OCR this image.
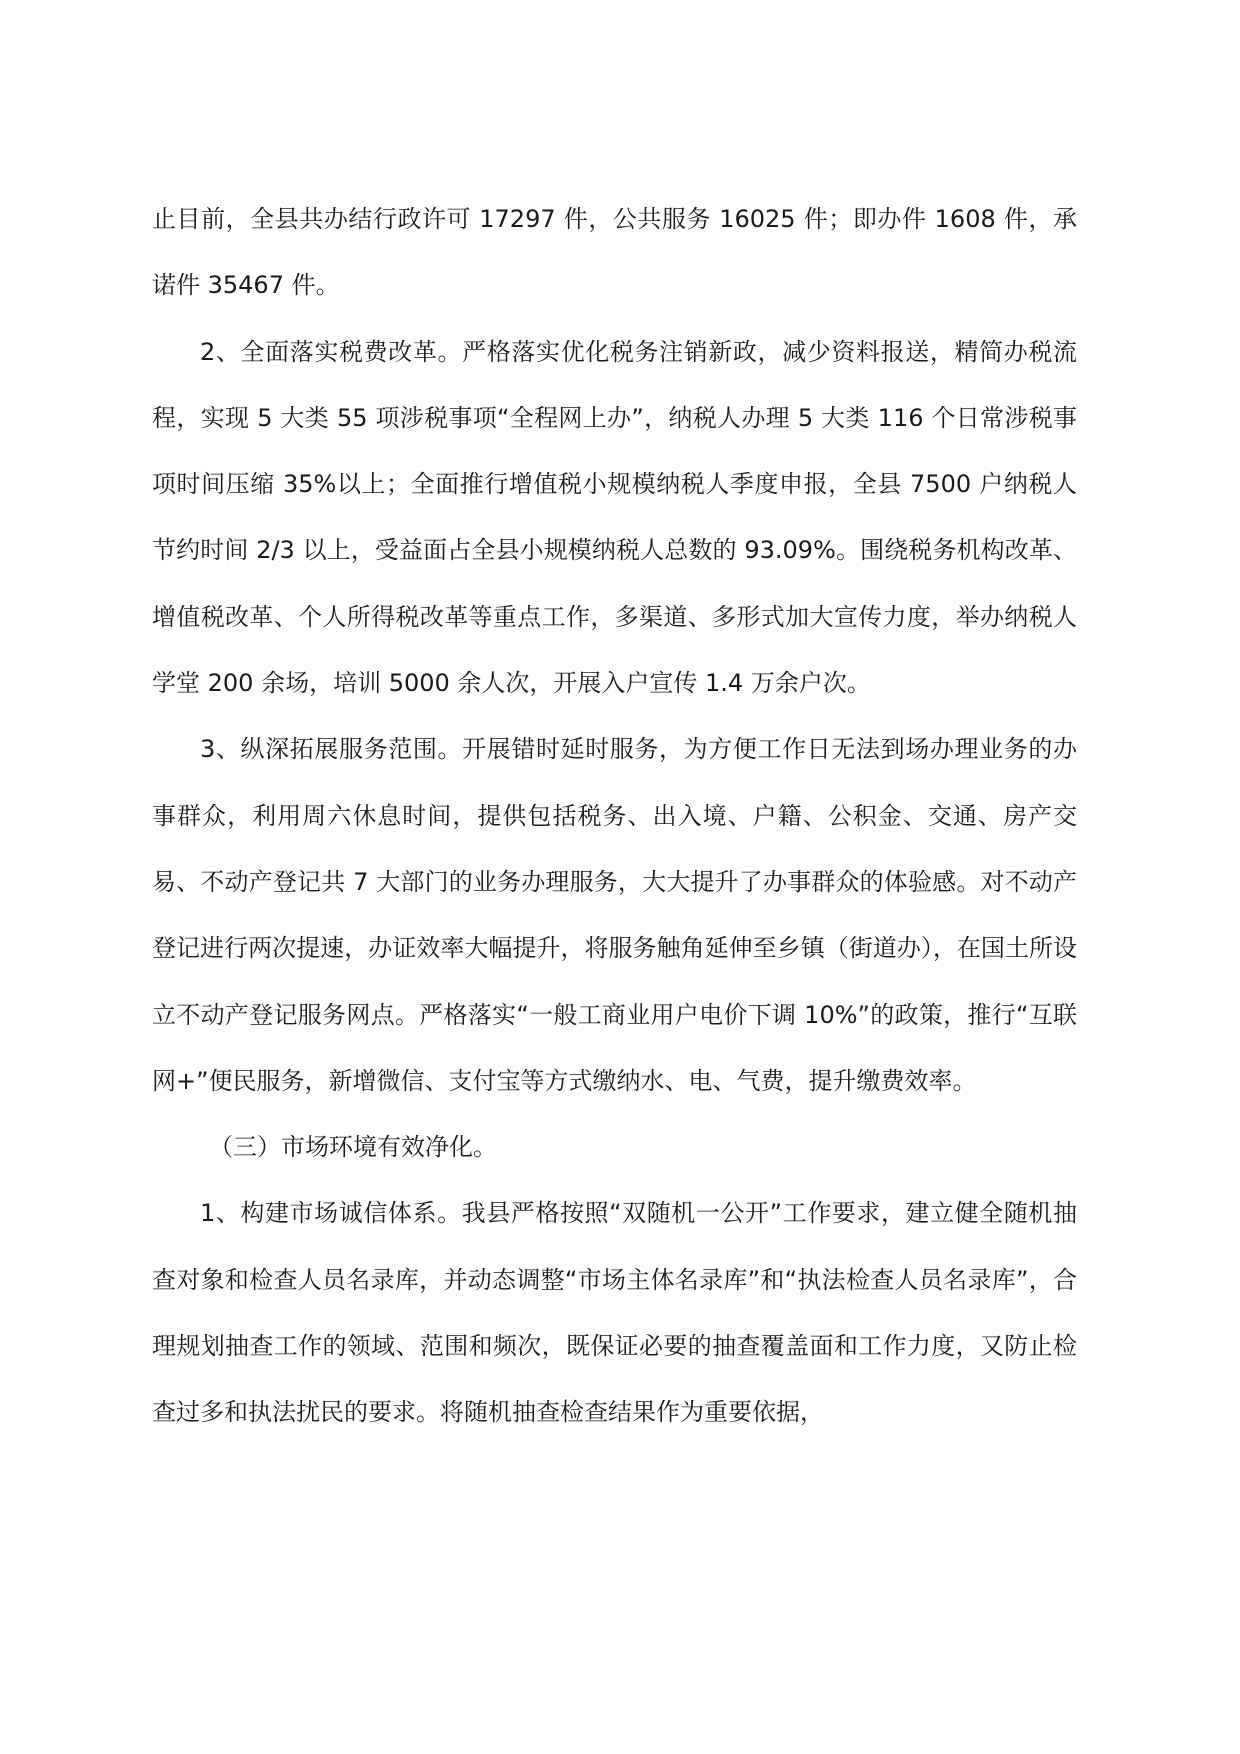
止目前，全县共办结行政许可 17297 件，公共服务 16025 件；即办件 1608 件，承诺件 35467 件。

2、全面落实税费改革。严格落实优化税务注销新政，减少资料报送，精简办税流程，实现 5 大类 55 项涉税事项“全程网上办”，纳税人办理 5 大类 116 个日常涉税事项时间压缩 35%以上；全面推行增值税小规模纳税人季度申报，全县 7500 户纳税人节约时间 2/3 以上，受益面占全县小规模纳税人总数的 93.09%。围绕税务机构改革、增值税改革、个人所得税改革等重点工作，多渠道、多形式加大宣传力度，举办纳税人学堂 200 余场，培训 5000 余人次，开展入户宣传 1.4 万余户次。

3、纵深拓展服务范围。开展错时延时服务，为方便工作日无法到场办理业务的办事群众，利用周六休息时间，提供包括税务、出入境、户籍、公积金、交通、房产交易、不动产登记共 7 大部门的业务办理服务，大大提升了办事群众的体验感。对不动产登记进行两次提速，办证效率大幅提升，将服务触角延伸至乡镇（街道办），在国土所设立不动产登记服务网点。严格落实“一般工商业用户电价下调 10%”的政策，推行“互联网+”便民服务，新增微信、支付宝等方式缴纳水、电、气费，提升缴费效率。

（三）市场环境有效净化。

1、构建市场诚信体系。我县严格按照“双随机一公开”工作要求，建立健全随机抽查对象和检查人员名录库，并动态调整“市场主体名录库”和“执法检查人员名录库”，合理规划抽查工作的领域、范围和频次，既保证必要的抽查覆盖面和工作力度，又防止检查过多和执法扰民的要求。将随机抽查检查结果作为重要依据，
